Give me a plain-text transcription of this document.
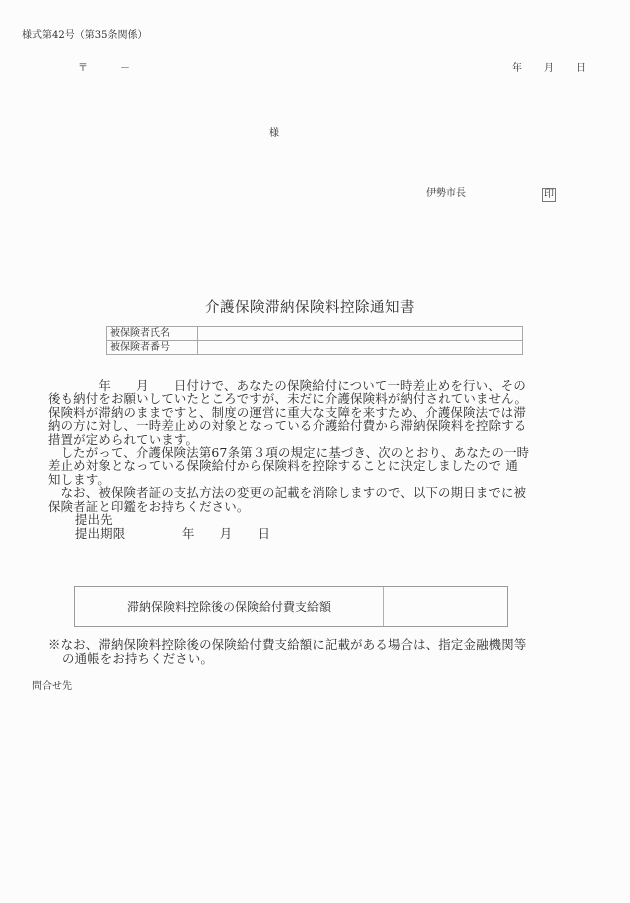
様式第42号（第35条関係）
〒	－	年 月 日
様
伊勢市長	印
介護保険滞納保険料控除通知書
被保険者氏名	
被保険者番号	
　　　　年　　月　　日付けで、あなたの保険給付について一時差止めを行い、その
後も納付をお願いしていたところですが、未だに介護保険料が納付されていません。
保険料が滞納のままですと、制度の運営に重大な支障を来すため、介護保険法では滞
納の方に対し、一時差止めの対象となっている介護給付費から滞納保険料を控除する
措置が定められています。
　したがって、介護保険法第67条第３項の規定に基づき、次のとおり、あなたの一時
差止め対象となっている保険給付から保険料を控除することに決定しましたので 通
知します。
　なお、被保険者証の支払方法の変更の記載を消除しますので、以下の期日までに被
保険者証と印鑑をお持ちください。
提出先
提出期限	年　　月　　日
滞納保険料控除後の保険給付費支給額
※なお、滞納保険料控除後の保険給付費支給額に記載がある場合は、指定金融機関等
の通帳をお持ちください。
問合せ先
